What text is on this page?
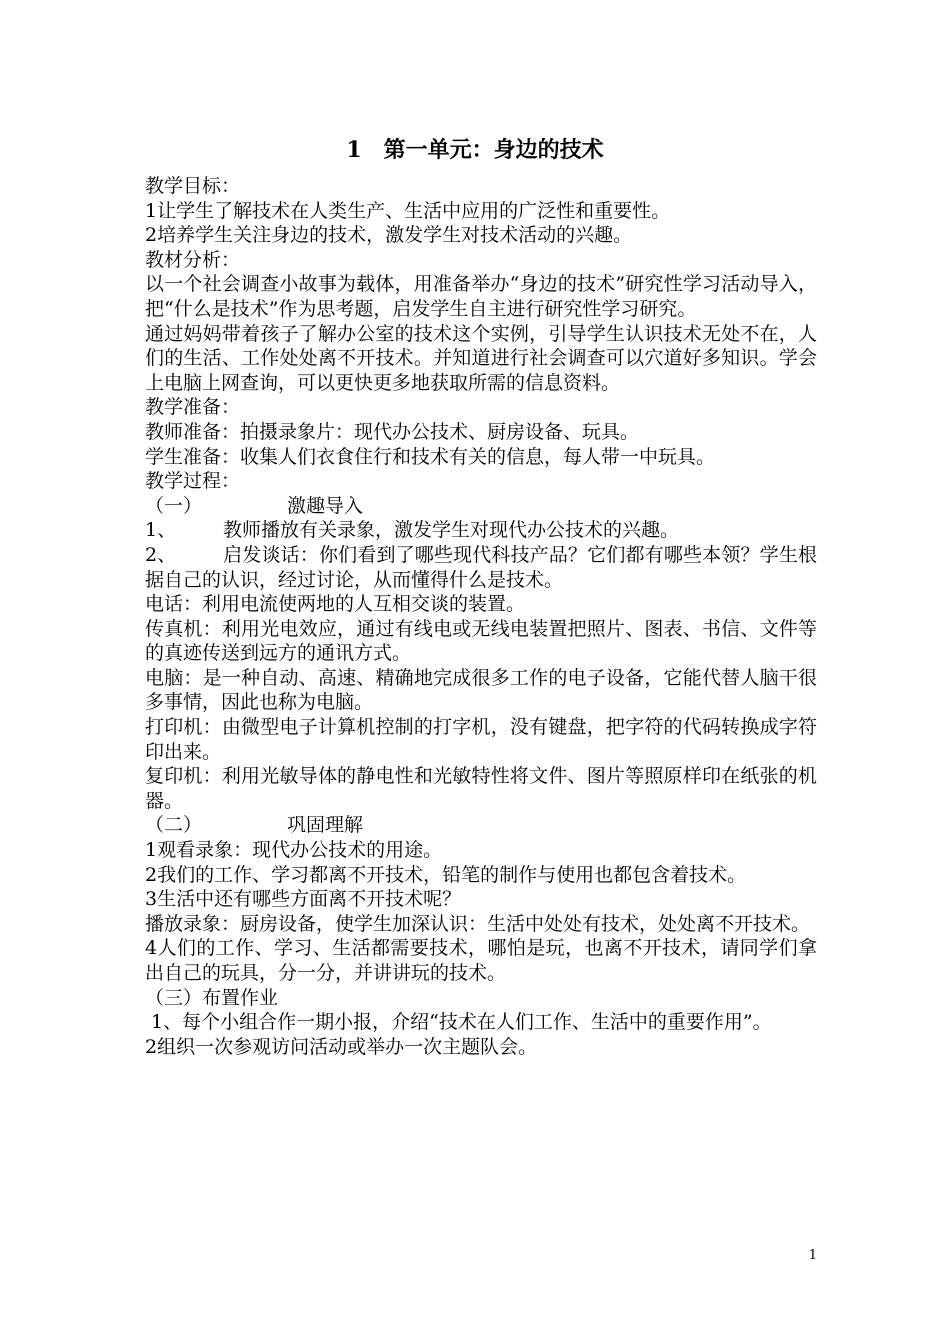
1　第一单元：身边的技术

教学目标：

1让学生了解技术在人类生产、生活中应用的广泛性和重要性。

2培养学生关注身边的技术，激发学生对技术活动的兴趣。

教材分析：

以一个社会调查小故事为载体，用准备举办“身边的技术”研究性学习活动导入，把“什么是技术”作为思考题，启发学生自主进行研究性学习研究。

通过妈妈带着孩子了解办公室的技术这个实例，引导学生认识技术无处不在，人们的生活、工作处处离不开技术。并知道进行社会调查可以穴道好多知识。学会上电脑上网查询，可以更快更多地获取所需的信息资料。

教学准备：

教师准备：拍摄录象片：现代办公技术、厨房设备、玩具。

学生准备：收集人们衣食住行和技术有关的信息，每人带一中玩具。

教学过程：

（一）	激趣导入

1、 教师播放有关录象，激发学生对现代办公技术的兴趣。

2、 启发谈话：你们看到了哪些现代科技产品？它们都有哪些本领？学生根据自己的认识，经过讨论，从而懂得什么是技术。

电话：利用电流使两地的人互相交谈的装置。

传真机：利用光电效应，通过有线电或无线电装置把照片、图表、书信、文件等的真迹传送到远方的通讯方式。

电脑：是一种自动、高速、精确地完成很多工作的电子设备，它能代替人脑干很多事情，因此也称为电脑。

打印机：由微型电子计算机控制的打字机，没有键盘，把字符的代码转换成字符印出来。

复印机：利用光敏导体的静电性和光敏特性将文件、图片等照原样印在纸张的机器。

（二）	巩固理解

1观看录象：现代办公技术的用途。

2我们的工作、学习都离不开技术，铅笔的制作与使用也都包含着技术。

3生活中还有哪些方面离不开技术呢？

播放录象：厨房设备，使学生加深认识：生活中处处有技术，处处离不开技术。

4人们的工作、学习、生活都需要技术，哪怕是玩，也离不开技术，请同学们拿出自己的玩具，分一分，并讲讲玩的技术。

（三）布置作业

1、每个小组合作一期小报，介绍“技术在人们工作、生活中的重要作用”。

2组织一次参观访问活动或举办一次主题队会。

1
